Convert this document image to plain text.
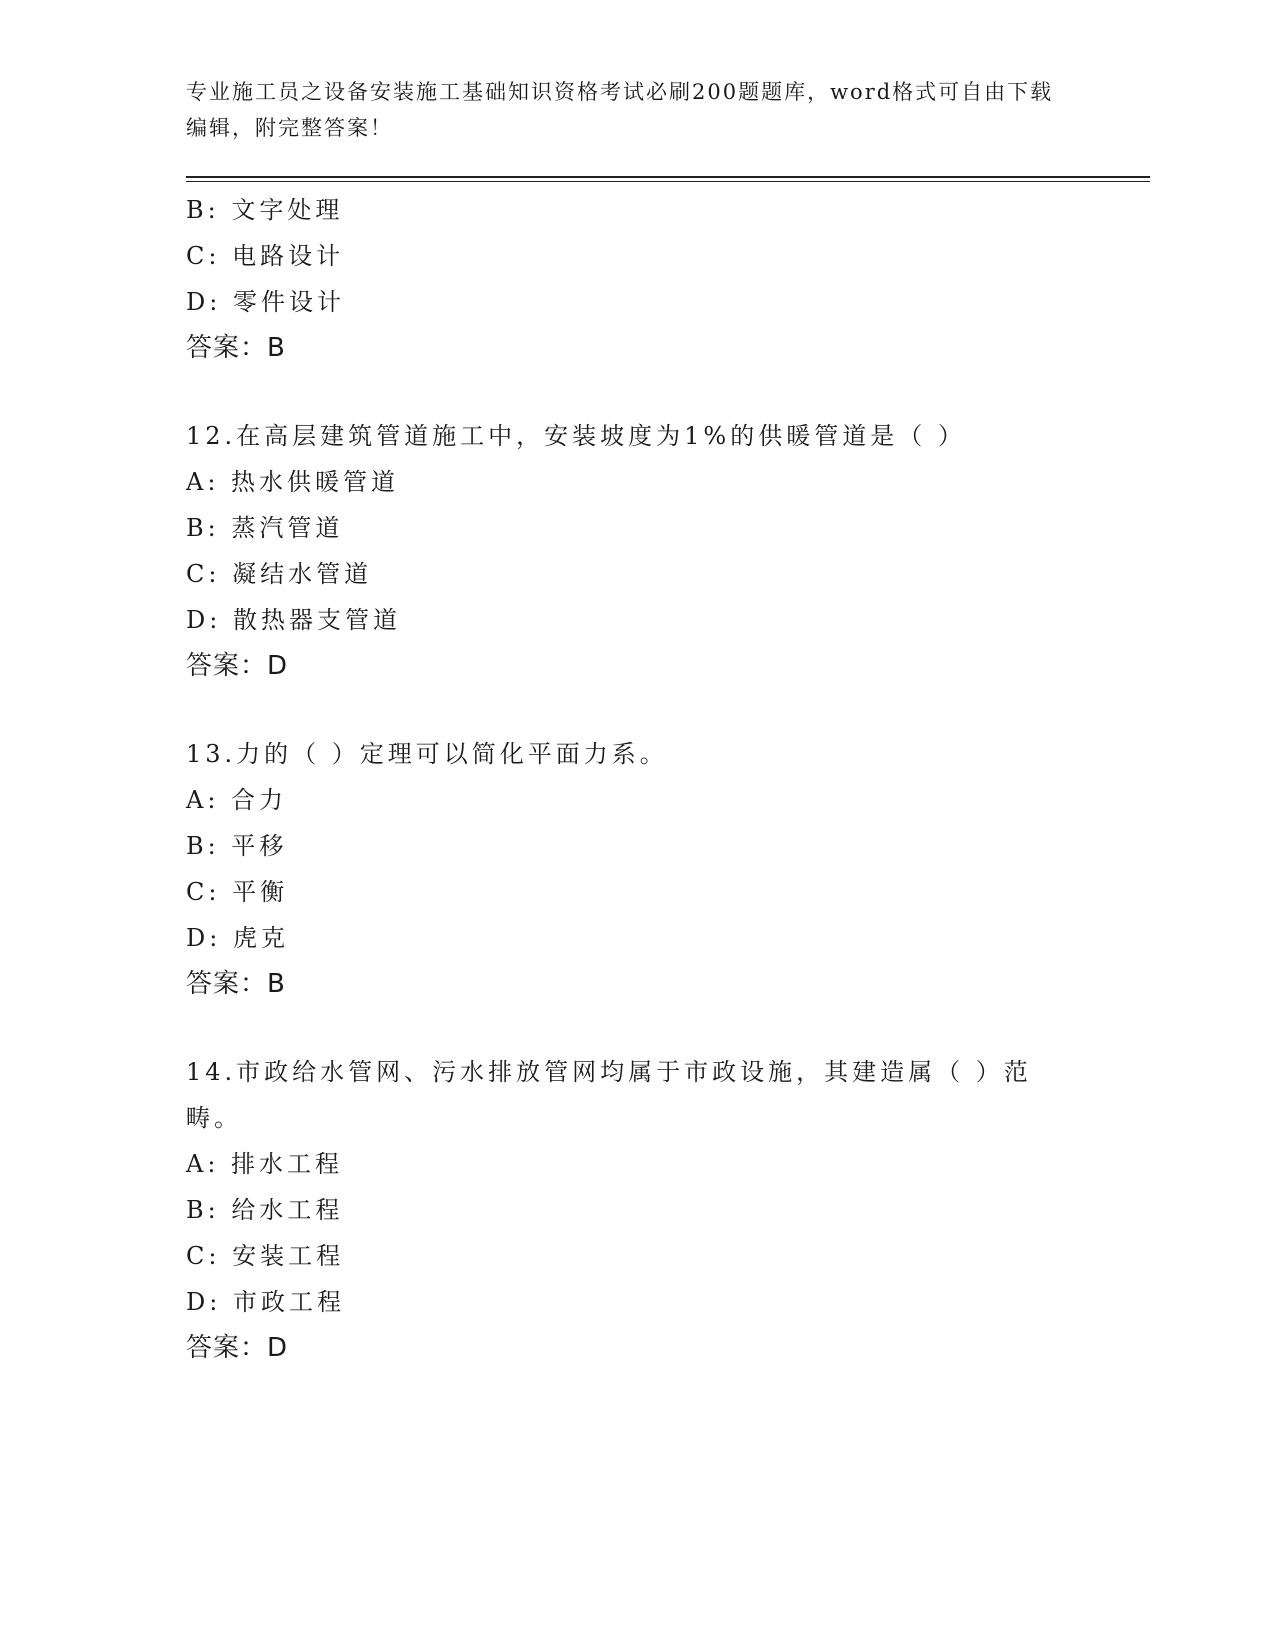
专业施工员之设备安装施工基础知识资格考试必刷200题题库，word格式可自由下载编辑，附完整答案！
B: 文字处理
C: 电路设计
D: 零件设计
答案：B
12.在高层建筑管道施工中，安装坡度为1%的供暖管道是（ ）
A: 热水供暖管道
B: 蒸汽管道
C: 凝结水管道
D: 散热器支管道
答案：D
13.力的（ ）定理可以简化平面力系。
A: 合力
B: 平移
C: 平衡
D: 虎克
答案：B
14.市政给水管网、污水排放管网均属于市政设施，其建造属（ ）范畴。
A: 排水工程
B: 给水工程
C: 安装工程
D: 市政工程
答案：D
